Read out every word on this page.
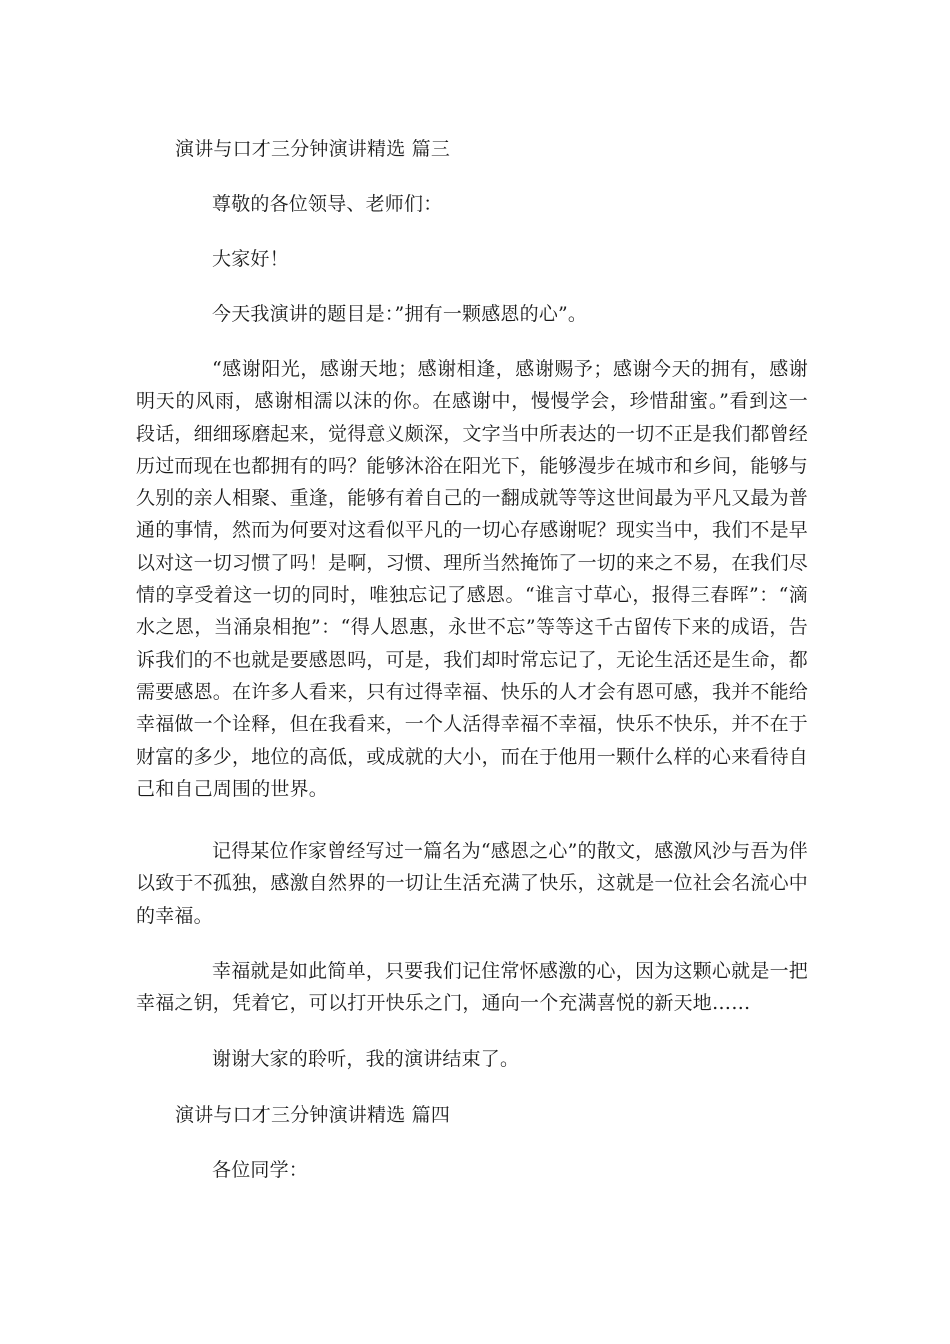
演讲与口才三分钟演讲精选 篇三
尊敬的各位领导、老师们：
大家好！
今天我演讲的题目是：”拥有一颗感恩的心”。

“感谢阳光，感谢天地；感谢相逢，感谢赐予；感谢今天的拥有，感谢明天的风雨，感谢相濡以沫的你。在感谢中，慢慢学会，珍惜甜蜜。”看到这一段话，细细琢磨起来，觉得意义颇深，文字当中所表达的一切不正是我们都曾经历过而现在也都拥有的吗？能够沐浴在阳光下，能够漫步在城市和乡间，能够与久别的亲人相聚、重逢，能够有着自己的一翻成就等等这世间最为平凡又最为普通的事情，然而为何要对这看似平凡的一切心存感谢呢？现实当中，我们不是早以对这一切习惯了吗！是啊，习惯、理所当然掩饰了一切的来之不易，在我们尽情的享受着这一切的同时，唯独忘记了感恩。“谁言寸草心，报得三春晖”：“滴水之恩，当涌泉相抱”：“得人恩惠，永世不忘”等等这千古留传下来的成语，告诉我们的不也就是要感恩吗，可是，我们却时常忘记了，无论生活还是生命，都需要感恩。在许多人看来，只有过得幸福、快乐的人才会有恩可感，我并不能给幸福做一个诠释，但在我看来，一个人活得幸福不幸福，快乐不快乐，并不在于财富的多少，地位的高低，或成就的大小，而在于他用一颗什么样的心来看待自己和自己周围的世界。

记得某位作家曾经写过一篇名为“感恩之心”的散文，感激风沙与吾为伴以致于不孤独，感激自然界的一切让生活充满了快乐，这就是一位社会名流心中的幸福。

幸福就是如此简单，只要我们记住常怀感激的心，因为这颗心就是一把幸福之钥，凭着它，可以打开快乐之门，通向一个充满喜悦的新天地……

谢谢大家的聆听，我的演讲结束了。
演讲与口才三分钟演讲精选 篇四
各位同学：
